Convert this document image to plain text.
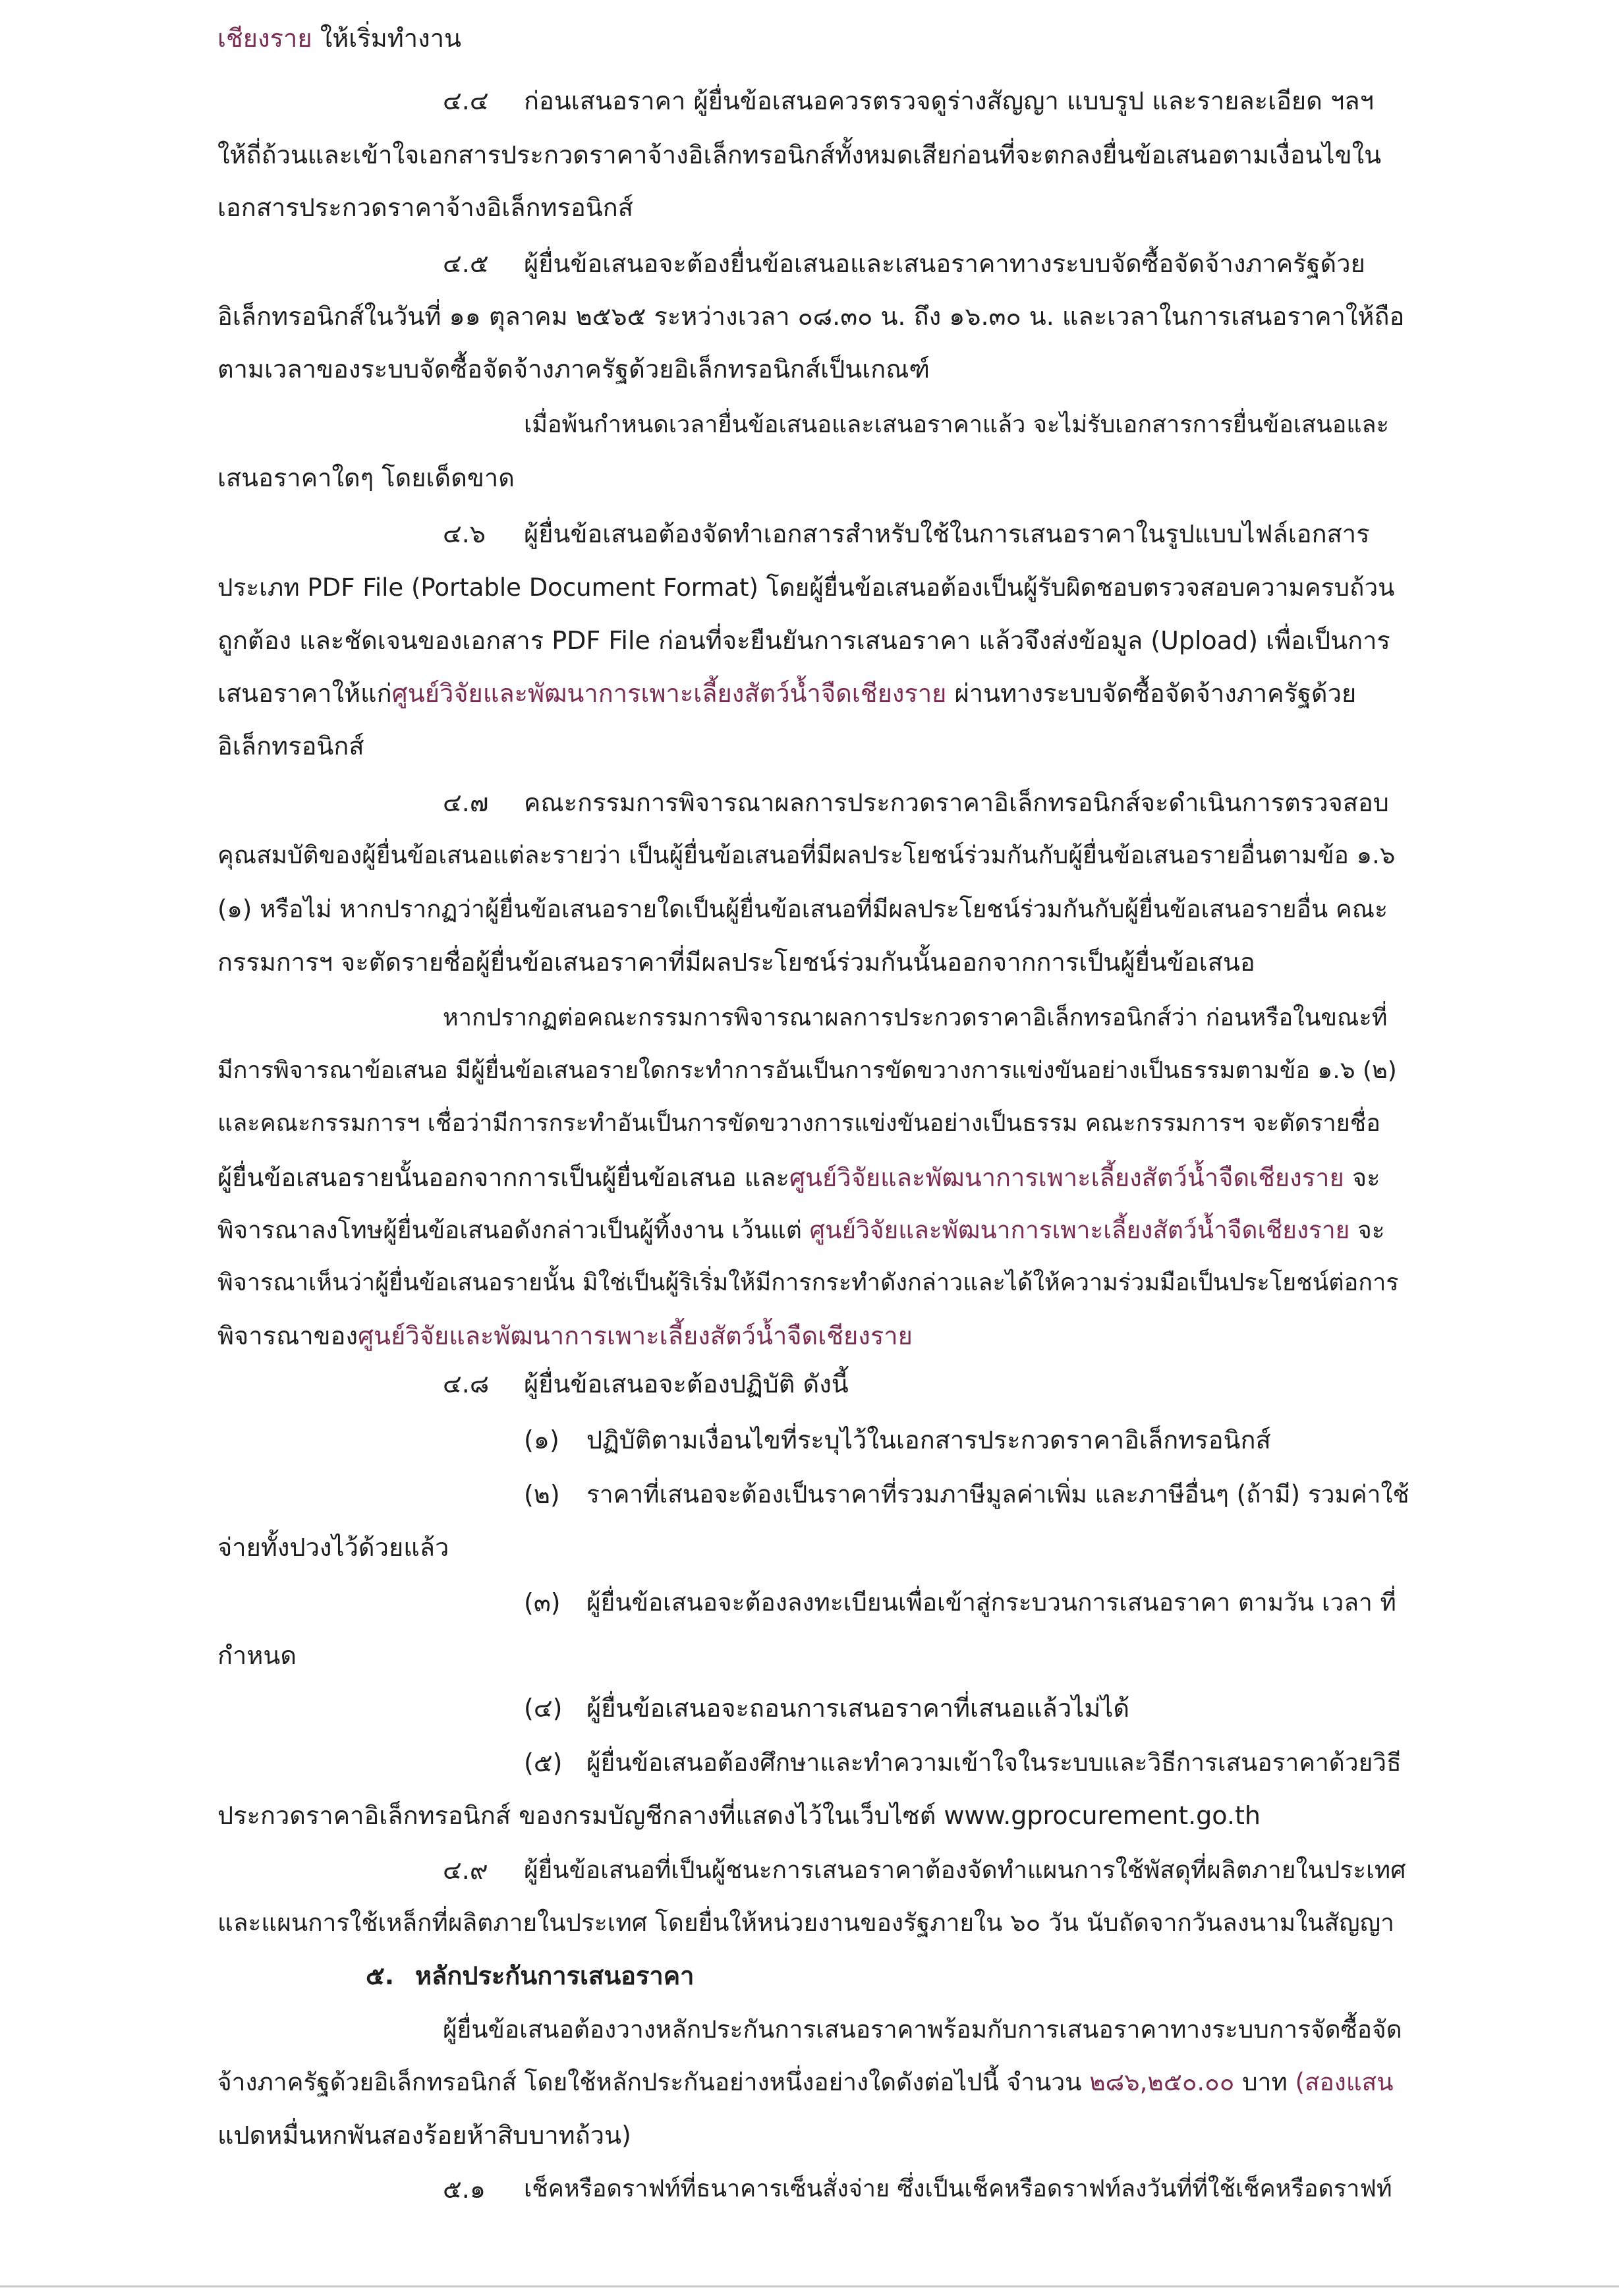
เชียงราย ให้เริ่มทำงาน
๔.๔ ก่อนเสนอราคา ผู้ยื่นข้อเสนอควรตรวจดูร่างสัญญา แบบรูป และรายละเอียด ฯลฯ
ให้ถี่ถ้วนและเข้าใจเอกสารประกวดราคาจ้างอิเล็กทรอนิกส์ทั้งหมดเสียก่อนที่จะตกลงยื่นข้อเสนอตามเงื่อนไขใน
เอกสารประกวดราคาจ้างอิเล็กทรอนิกส์
๔.๕ ผู้ยื่นข้อเสนอจะต้องยื่นข้อเสนอและเสนอราคาทางระบบจัดซื้อจัดจ้างภาครัฐด้วย
อิเล็กทรอนิกส์ในวันที่ ๑๑ ตุลาคม ๒๕๖๕ ระหว่างเวลา ๐๘.๓๐ น. ถึง ๑๖.๓๐ น. และเวลาในการเสนอราคาให้ถือ
ตามเวลาของระบบจัดซื้อจัดจ้างภาครัฐด้วยอิเล็กทรอนิกส์เป็นเกณฑ์
เมื่อพ้นกำหนดเวลายื่นข้อเสนอและเสนอราคาแล้ว จะไม่รับเอกสารการยื่นข้อเสนอและ
เสนอราคาใดๆ โดยเด็ดขาด
๔.๖ ผู้ยื่นข้อเสนอต้องจัดทำเอกสารสำหรับใช้ในการเสนอราคาในรูปแบบไฟล์เอกสาร
ประเภท PDF File (Portable Document Format) โดยผู้ยื่นข้อเสนอต้องเป็นผู้รับผิดชอบตรวจสอบความครบถ้วน
ถูกต้อง และชัดเจนของเอกสาร PDF File ก่อนที่จะยืนยันการเสนอราคา แล้วจึงส่งข้อมูล (Upload) เพื่อเป็นการ
เสนอราคาให้แก่ศูนย์วิจัยและพัฒนาการเพาะเลี้ยงสัตว์น้ำจืดเชียงราย ผ่านทางระบบจัดซื้อจัดจ้างภาครัฐด้วย
อิเล็กทรอนิกส์
๔.๗ คณะกรรมการพิจารณาผลการประกวดราคาอิเล็กทรอนิกส์จะดำเนินการตรวจสอบ
คุณสมบัติของผู้ยื่นข้อเสนอแต่ละรายว่า เป็นผู้ยื่นข้อเสนอที่มีผลประโยชน์ร่วมกันกับผู้ยื่นข้อเสนอรายอื่นตามข้อ ๑.๖
(๑) หรือไม่ หากปรากฏว่าผู้ยื่นข้อเสนอรายใดเป็นผู้ยื่นข้อเสนอที่มีผลประโยชน์ร่วมกันกับผู้ยื่นข้อเสนอรายอื่น คณะ
กรรมการฯ จะตัดรายชื่อผู้ยื่นข้อเสนอราคาที่มีผลประโยชน์ร่วมกันนั้นออกจากการเป็นผู้ยื่นข้อเสนอ
หากปรากฏต่อคณะกรรมการพิจารณาผลการประกวดราคาอิเล็กทรอนิกส์ว่า ก่อนหรือในขณะที่
มีการพิจารณาข้อเสนอ มีผู้ยื่นข้อเสนอรายใดกระทำการอันเป็นการขัดขวางการแข่งขันอย่างเป็นธรรมตามข้อ ๑.๖ (๒)
และคณะกรรมการฯ เชื่อว่ามีการกระทำอันเป็นการขัดขวางการแข่งขันอย่างเป็นธรรม คณะกรรมการฯ จะตัดรายชื่อ
ผู้ยื่นข้อเสนอรายนั้นออกจากการเป็นผู้ยื่นข้อเสนอ และศูนย์วิจัยและพัฒนาการเพาะเลี้ยงสัตว์น้ำจืดเชียงราย จะ
พิจารณาลงโทษผู้ยื่นข้อเสนอดังกล่าวเป็นผู้ทิ้งงาน เว้นแต่ ศูนย์วิจัยและพัฒนาการเพาะเลี้ยงสัตว์น้ำจืดเชียงราย จะ
พิจารณาเห็นว่าผู้ยื่นข้อเสนอรายนั้น มิใช่เป็นผู้ริเริ่มให้มีการกระทำดังกล่าวและได้ให้ความร่วมมือเป็นประโยชน์ต่อการ
พิจารณาของศูนย์วิจัยและพัฒนาการเพาะเลี้ยงสัตว์น้ำจืดเชียงราย
๔.๘ ผู้ยื่นข้อเสนอจะต้องปฏิบัติ ดังนี้
(๑) ปฏิบัติตามเงื่อนไขที่ระบุไว้ในเอกสารประกวดราคาอิเล็กทรอนิกส์
(๒) ราคาที่เสนอจะต้องเป็นราคาที่รวมภาษีมูลค่าเพิ่ม และภาษีอื่นๆ (ถ้ามี) รวมค่าใช้
จ่ายทั้งปวงไว้ด้วยแล้ว
(๓) ผู้ยื่นข้อเสนอจะต้องลงทะเบียนเพื่อเข้าสู่กระบวนการเสนอราคา ตามวัน เวลา ที่
กำหนด
(๔) ผู้ยื่นข้อเสนอจะถอนการเสนอราคาที่เสนอแล้วไม่ได้
(๕) ผู้ยื่นข้อเสนอต้องศึกษาและทำความเข้าใจในระบบและวิธีการเสนอราคาด้วยวิธี
ประกวดราคาอิเล็กทรอนิกส์ ของกรมบัญชีกลางที่แสดงไว้ในเว็บไซต์ www.gprocurement.go.th
๔.๙ ผู้ยื่นข้อเสนอที่เป็นผู้ชนะการเสนอราคาต้องจัดทำแผนการใช้พัสดุที่ผลิตภายในประเทศ
และแผนการใช้เหล็กที่ผลิตภายในประเทศ โดยยื่นให้หน่วยงานของรัฐภายใน ๖๐ วัน นับถัดจากวันลงนามในสัญญา
๕. หลักประกันการเสนอราคา
ผู้ยื่นข้อเสนอต้องวางหลักประกันการเสนอราคาพร้อมกับการเสนอราคาทางระบบการจัดซื้อจัด
จ้างภาครัฐด้วยอิเล็กทรอนิกส์ โดยใช้หลักประกันอย่างหนึ่งอย่างใดดังต่อไปนี้ จำนวน ๒๘๖,๒๕๐.๐๐ บาท (สองแสน
แปดหมื่นหกพันสองร้อยห้าสิบบาทถ้วน)
๕.๑ เช็คหรือดราฟท์ที่ธนาคารเซ็นสั่งจ่าย ซึ่งเป็นเช็คหรือดราฟท์ลงวันที่ที่ใช้เช็คหรือดราฟท์
